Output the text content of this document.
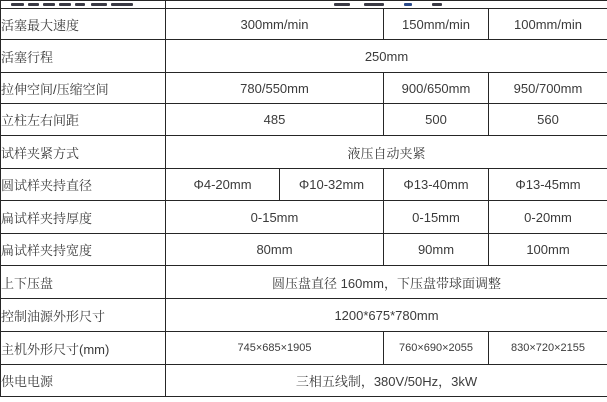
活塞最大速度	300mm/min		150mm/min	100mm/min
活塞行程	250mm			
拉伸空间/压缩空间	780/550mm		900/650mm	950/700mm
立柱左右间距	485		500	560
试样夹紧方式	液压自动夹紧			
圆试样夹持直径	Φ4-20mm	Φ10-32mm	Φ13-40mm	Φ13-45mm
扁试样夹持厚度	0-15mm		0-15mm	0-20mm
扁试样夹持宽度	80mm		90mm	100mm
上下压盘	圆压盘直径 160mm，下压盘带球面调整			
控制油源外形尺寸	1200*675*780mm			
主机外形尺寸(mm)	745×685×1905		760×690×2055	830×720×2155
供电电源	三相五线制，380V/50Hz，3kW			
